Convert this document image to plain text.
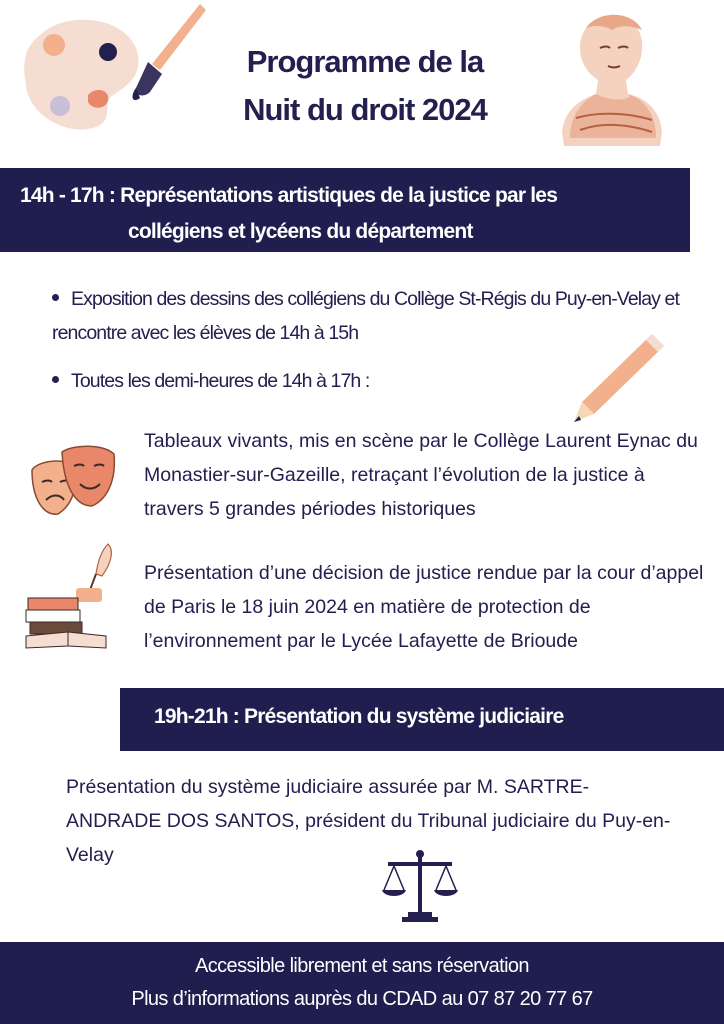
Programme de la
Nuit du droit 2024
14h - 17h : Représentations artistiques de la justice par les
collégiens et lycéens du département
Exposition des dessins des collégiens du Collège St-Régis du Puy-en-Velay et rencontre avec les élèves de 14h à 15h
Toutes les demi-heures de 14h à 17h :
Tableaux vivants, mis en scène par le Collège Laurent Eynac du Monastier-sur-Gazeille, retraçant l’évolution de la justice à travers 5 grandes périodes historiques
Présentation d’une décision de justice rendue par la cour d’appel de Paris le 18 juin 2024 en matière de protection de l’environnement par le Lycée Lafayette de Brioude
19h-21h : Présentation du système judiciaire
Présentation du système judiciaire assurée par M. SARTRE-ANDRADE DOS SANTOS, président du Tribunal judiciaire du Puy-en-Velay
Accessible librement et sans réservation
Plus d’informations auprès du CDAD au 07 87 20 77 67
